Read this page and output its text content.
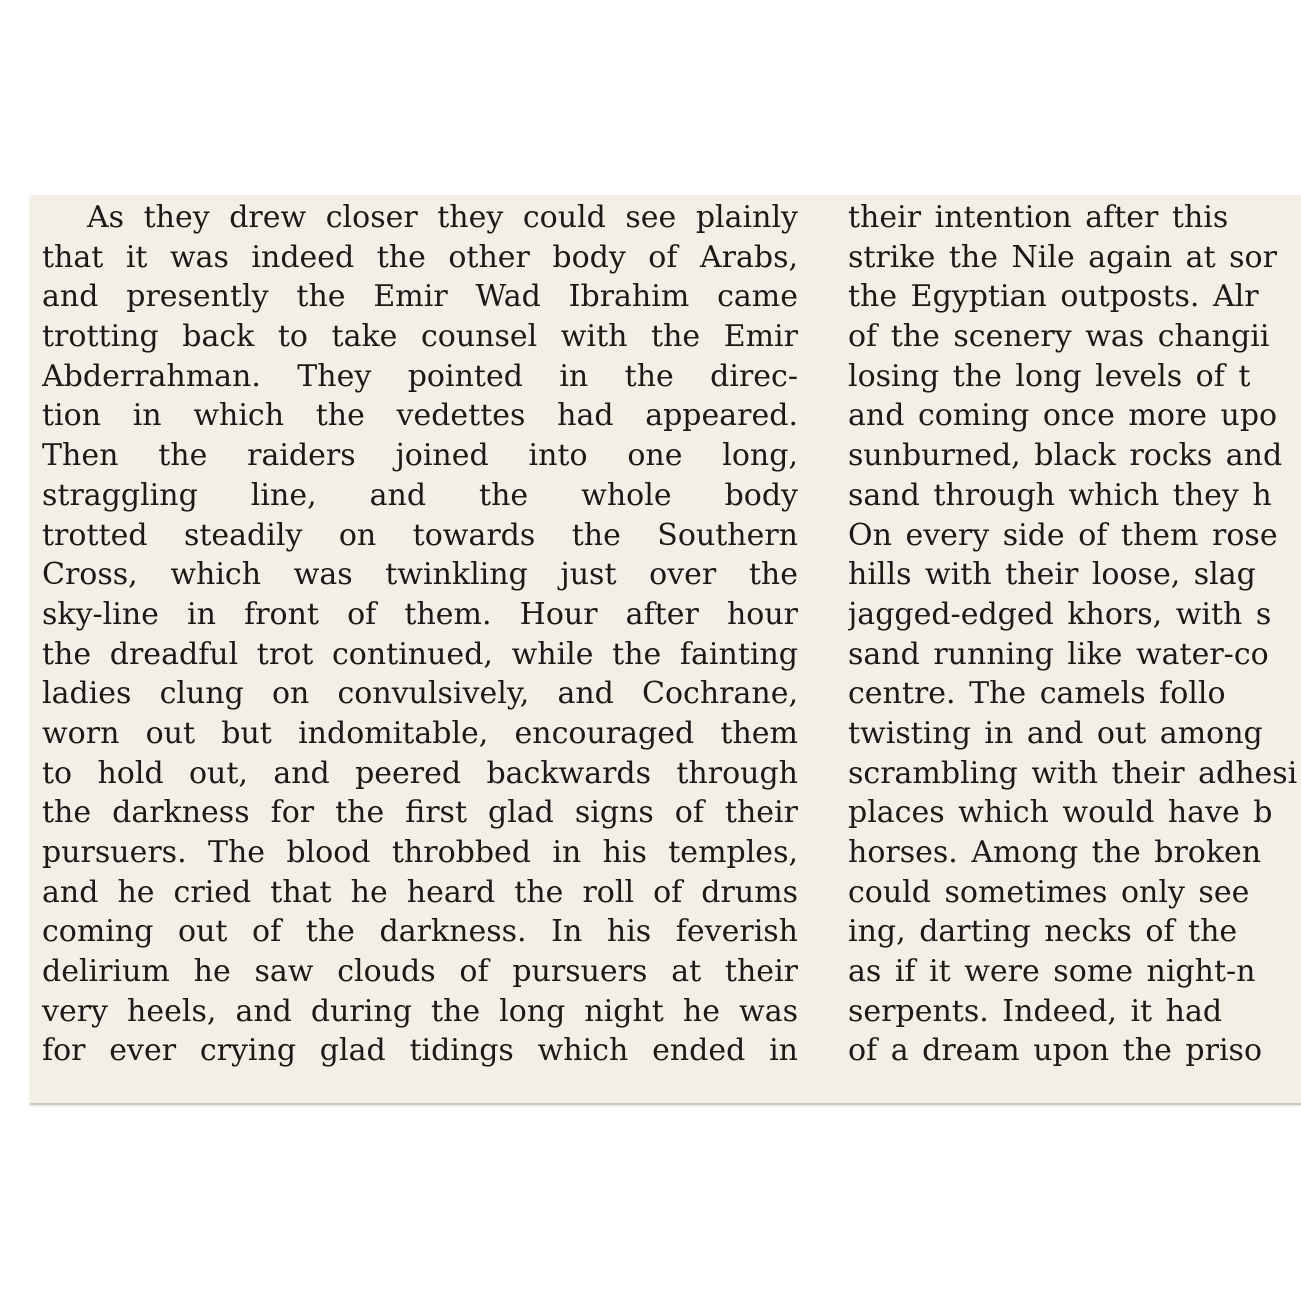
As they drew closer they could see plainly
that it was indeed the other body of Arabs,
and presently the Emir Wad Ibrahim came
trotting back to take counsel with the Emir
Abderrahman. They pointed in the direc-
tion in which the vedettes had appeared.
Then the raiders joined into one long,
straggling line, and the whole body
trotted steadily on towards the Southern
Cross, which was twinkling just over the
sky-line in front of them. Hour after hour
the dreadful trot continued, while the fainting
ladies clung on convulsively, and Cochrane,
worn out but indomitable, encouraged them
to hold out, and peered backwards through
the darkness for the first glad signs of their
pursuers. The blood throbbed in his temples,
and he cried that he heard the roll of drums
coming out of the darkness. In his feverish
delirium he saw clouds of pursuers at their
very heels, and during the long night he was
for ever crying glad tidings which ended in
their intention after this
strike the Nile again at sor
the Egyptian outposts. Alr
of the scenery was changii
losing the long levels of t
and coming once more upo
sunburned, black rocks and
sand through which they h
On every side of them rose
hills with their loose, slag
jagged-edged khors, with s
sand running like water-co
centre. The camels follo
twisting in and out among
scrambling with their adhesi
places which would have b
horses. Among the broken
could sometimes only see
ing, darting necks of the
as if it were some night-n
serpents. Indeed, it had
of a dream upon the priso
